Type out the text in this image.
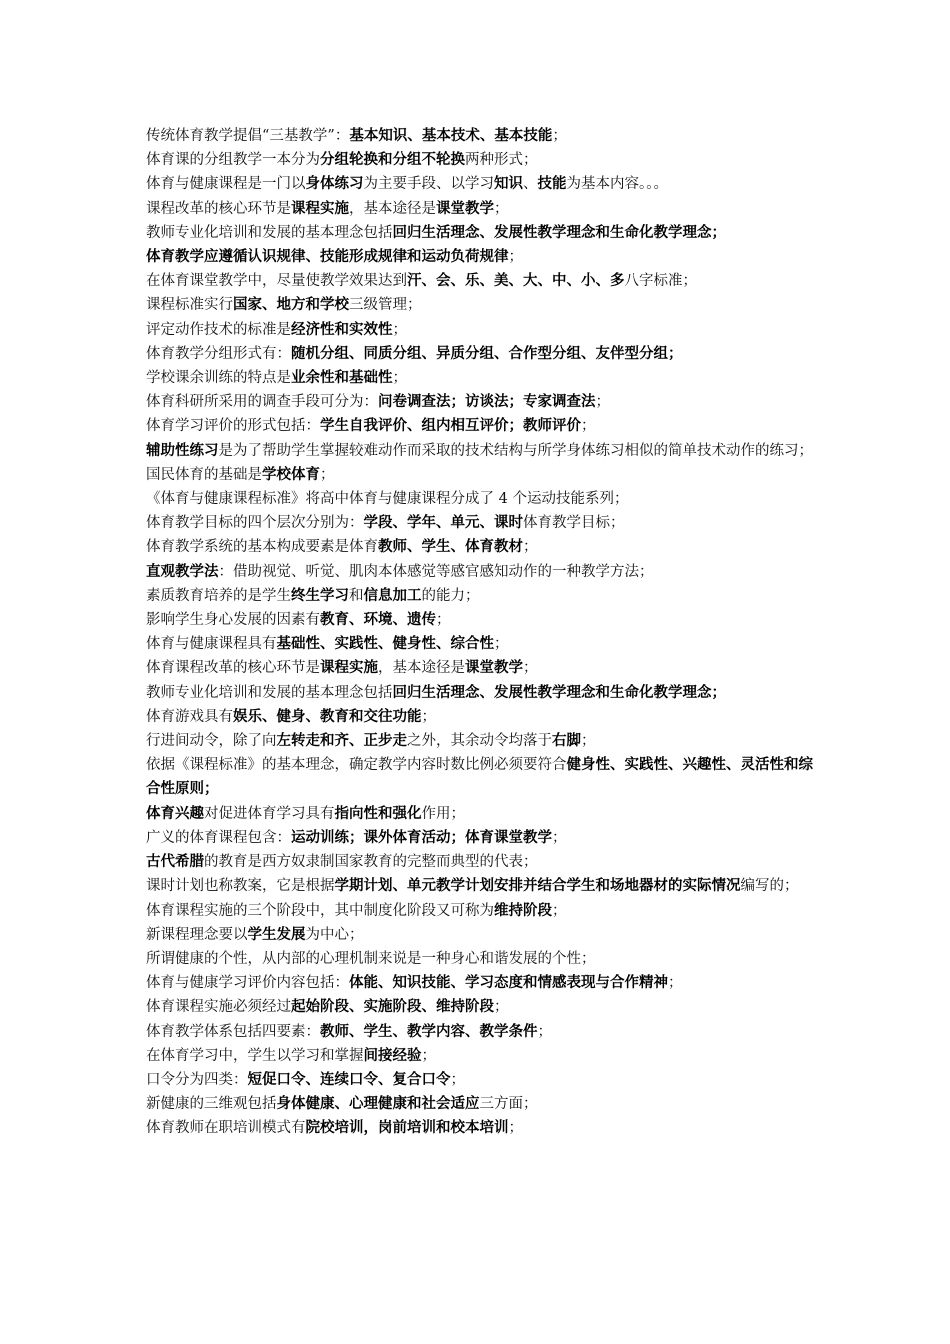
传统体育教学提倡“三基教学”：基本知识、基本技术、基本技能；

体育课的分组教学一本分为分组轮换和分组不轮换两种形式；

体育与健康课程是一门以身体练习为主要手段、以学习知识、技能为基本内容。。。

课程改革的核心环节是课程实施，基本途径是课堂教学；

教师专业化培训和发展的基本理念包括回归生活理念、发展性教学理念和生命化教学理念；

体育教学应遵循认识规律、技能形成规律和运动负荷规律；

在体育课堂教学中，尽量使教学效果达到汗、会、乐、美、大、中、小、多八字标准；

课程标准实行国家、地方和学校三级管理；

评定动作技术的标准是经济性和实效性；

体育教学分组形式有：随机分组、同质分组、异质分组、合作型分组、友伴型分组；

学校课余训练的特点是业余性和基础性；

体育科研所采用的调查手段可分为：问卷调查法；访谈法；专家调查法；

体育学习评价的形式包括：学生自我评价、组内相互评价；教师评价；

辅助性练习是为了帮助学生掌握较难动作而采取的技术结构与所学身体练习相似的简单技术动作的练习；

国民体育的基础是学校体育；

《体育与健康课程标准》将高中体育与健康课程分成了 4 个运动技能系列；

体育教学目标的四个层次分别为：学段、学年、单元、课时体育教学目标；

体育教学系统的基本构成要素是体育教师、学生、体育教材；

直观教学法：借助视觉、听觉、肌肉本体感觉等感官感知动作的一种教学方法；

素质教育培养的是学生终生学习和信息加工的能力；

影响学生身心发展的因素有教育、环境、遗传；

体育与健康课程具有基础性、实践性、健身性、综合性；

体育课程改革的核心环节是课程实施，基本途径是课堂教学；

教师专业化培训和发展的基本理念包括回归生活理念、发展性教学理念和生命化教学理念；

体育游戏具有娱乐、健身、教育和交往功能；

行进间动令，除了向左转走和齐、正步走之外，其余动令均落于右脚；

依据《课程标准》的基本理念，确定教学内容时数比例必须要符合健身性、实践性、兴趣性、灵活性和综合性原则；

体育兴趣对促进体育学习具有指向性和强化作用；

广义的体育课程包含：运动训练；课外体育活动；体育课堂教学；

古代希腊的教育是西方奴隶制国家教育的完整而典型的代表；

课时计划也称教案，它是根据学期计划、单元教学计划安排并结合学生和场地器材的实际情况编写的；

体育课程实施的三个阶段中，其中制度化阶段又可称为维持阶段；

新课程理念要以学生发展为中心；

所谓健康的个性，从内部的心理机制来说是一种身心和谐发展的个性；

体育与健康学习评价内容包括：体能、知识技能、学习态度和情感表现与合作精神；

体育课程实施必须经过起始阶段、实施阶段、维持阶段；

体育教学体系包括四要素：教师、学生、教学内容、教学条件；

在体育学习中，学生以学习和掌握间接经验；

口令分为四类：短促口令、连续口令、复合口令；

新健康的三维观包括身体健康、心理健康和社会适应三方面；

体育教师在职培训模式有院校培训，岗前培训和校本培训；
